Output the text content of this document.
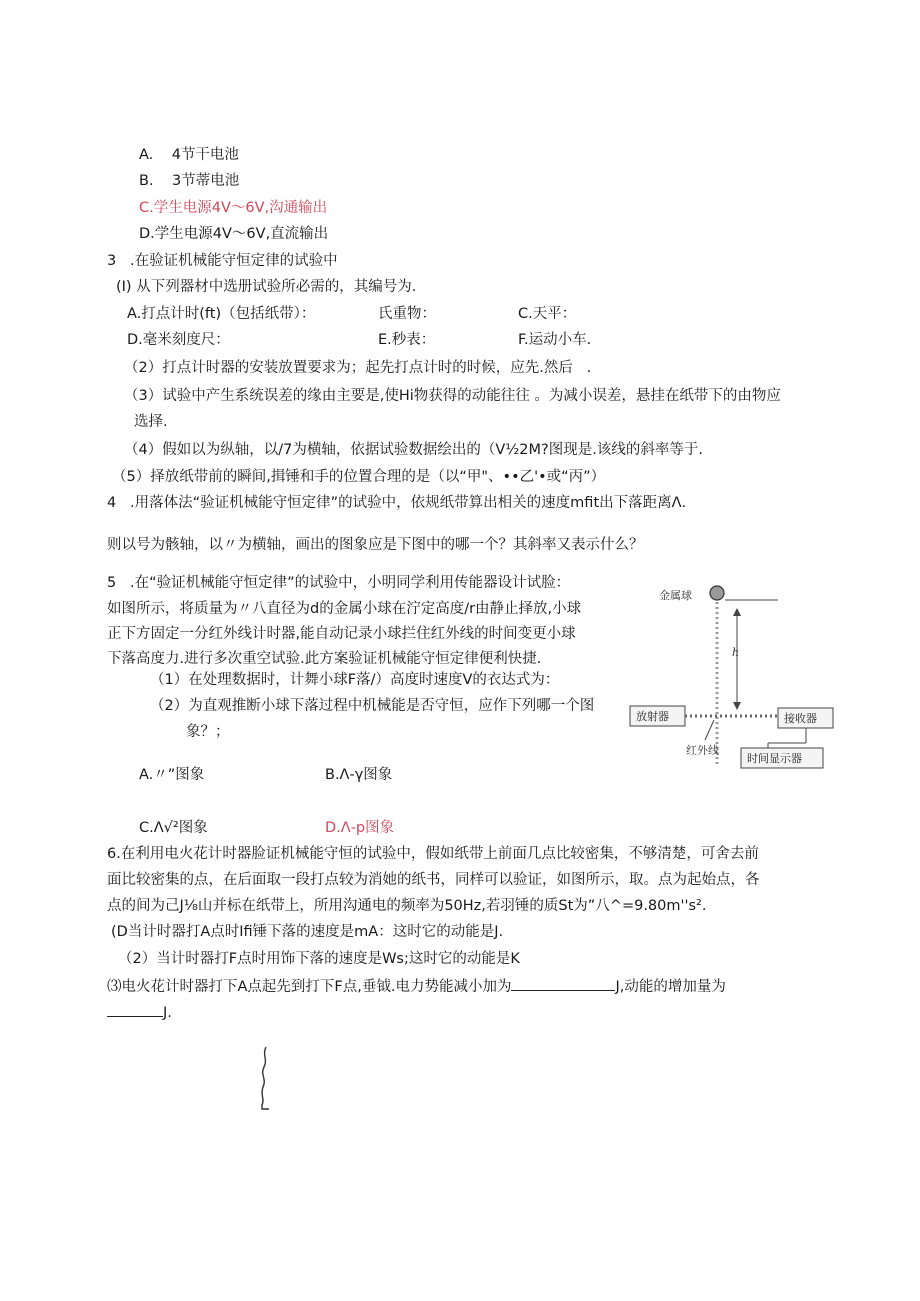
A.    4节干电池
B.    3节蒂电池
C.学生电源4V～6V,沟通输出
D.学生电源4V～6V,直流输出
3   .在验证机械能守恒定律的试验中
(I) 从下列器材中选册试验所必需的，其编号为.
A.打点计时(ft)（包括纸带）：	氏重物：	C.天平：
D.毫米刻度尺：	E.秒表：	F.运动小车.
（2）打点计时器的安装放置要求为；起先打点计时的时候，应先.然后   .
（3）试验中产生系统误差的缘由主要是,使Hi物获得的动能往往 。为减小误差，悬挂在纸带下的由物应
选择.
（4）假如以为纵轴，以/7为横轴，依据试验数据绘出的（V½2M?图现是.该线的斜率等于.
（5）择放纸带前的瞬间,揖锤和手的位置合理的是（以“甲"、••乙'•或“丙”）
4   .用落体法“验证机械能守恒定律”的试验中，依规纸带算出相关的速度mfit出下落距离Λ.
则以号为骸轴，以〃为横轴，画出的图象应是下图中的哪一个？其斜率又表示什么？
5   .在“验证机械能守恒定律”的试验中，小明同学利用传能器设计试脸：
如图所示，将质量为〃八直径为d的金属小球在泞定高度/r由静止择放,小球
正下方固定一分红外线计时器,能自动记录小球拦住红外线的时间变更小球
下落高度力.进行多次重空试验.此方案验证机械能守恒定律便利快捷.
（1）在处理数据时，计舞小球F落/）高度时速度V的衣达式为：
（2）为直观推断小球下落过程中机械能是否守恒，应作下列哪一个图
象？；
A.〃”图象	B.Λ-γ图象
C.Λ√²图象	D.Λ-p图象
金属球
h
放射器	接收器
红外线
时间显示器
6.在利用电火花计时器脸证机械能守恒的试验中，假如纸带上前面几点比较密集，不够清楚，可舍去前
面比较密集的点，在后面取一段打点较为消她的纸书，同样可以验证，如图所示，取。点为起始点，各
点的间为己J⅛山并标在纸带上，所用沟通电的频率为50Hz,若羽锤的质St为”八^=9.80m''s².
(D当计时器打A点时Ifi锤下落的速度是mA：这时它的动能是J.
（2）当计时器打F点时用饰下落的速度是Ws;这时它的动能是K
⑶电火花计时器打下A点起先到打下F点,垂钺.电力势能减小加为	J,动能的增加量为
J.
